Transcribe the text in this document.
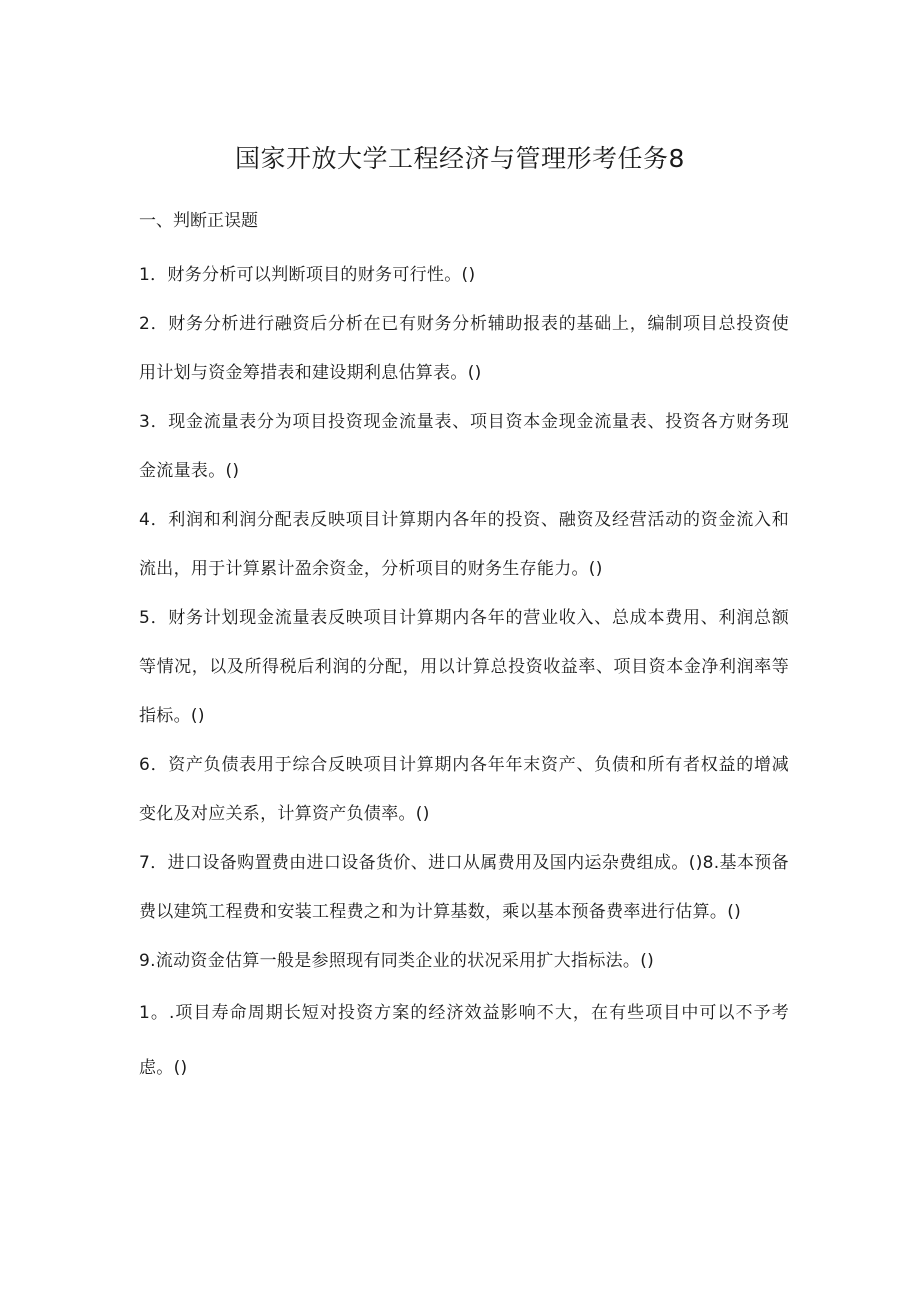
国家开放大学工程经济与管理形考任务8
一、判断正误题

1．财务分析可以判断项目的财务可行性。()

2．财务分析进行融资后分析在已有财务分析辅助报表的基础上，编制项目总投资使用计划与资金筹措表和建设期利息估算表。()

3．现金流量表分为项目投资现金流量表、项目资本金现金流量表、投资各方财务现金流量表。()

4．利润和利润分配表反映项目计算期内各年的投资、融资及经营活动的资金流入和流出，用于计算累计盈余资金，分析项目的财务生存能力。()

5．财务计划现金流量表反映项目计算期内各年的营业收入、总成本费用、利润总额等情况，以及所得税后利润的分配，用以计算总投资收益率、项目资本金净利润率等指标。()

6．资产负债表用于综合反映项目计算期内各年年末资产、负债和所有者权益的增减变化及对应关系，计算资产负债率。()

7．进口设备购置费由进口设备货价、进口从属费用及国内运杂费组成。()8.基本预备费以建筑工程费和安装工程费之和为计算基数，乘以基本预备费率进行估算。()

9.流动资金估算一般是参照现有同类企业的状况采用扩大指标法。()

1。.项目寿命周期长短对投资方案的经济效益影响不大，在有些项目中可以不予考虑。()
